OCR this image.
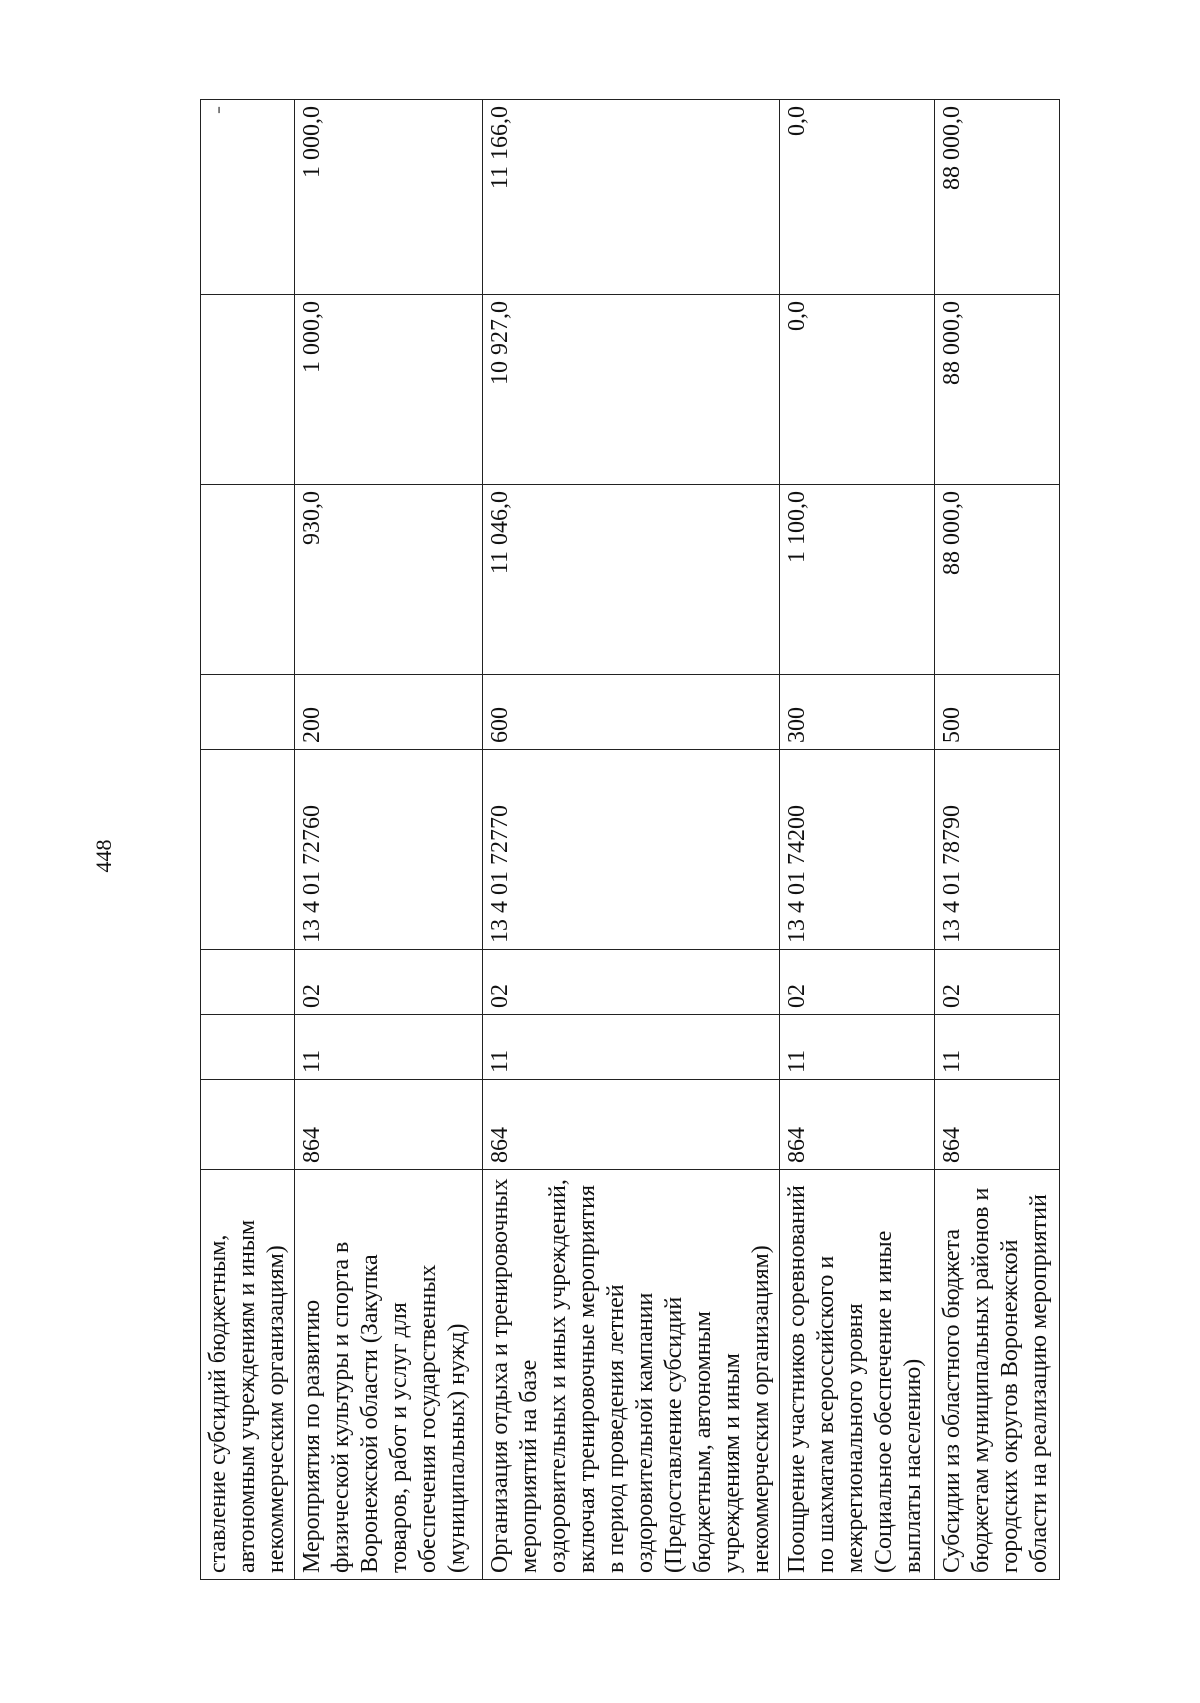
448
ставление субсидий бюджетным, автономным учреждениям и иным некоммерческим организациям)								-
Мероприятия по развитию физической культуры и спорта в Воронежской области (Закупка товаров, работ и услуг для обеспечения государственных (муниципальных) нужд)	864	11	02	13 4 01 72760	200	930,0	1 000,0	1 000,0
Организация отдыха и тренировочных мероприятий на базе оздоровительных и иных учреждений, включая тренировочные мероприятия в период проведения летней оздоровительной кампании (Предоставление субсидий бюджетным, автономным учреждениям и иным некоммерческим организациям)	864	11	02	13 4 01 72770	600	11 046,0	10 927,0	11 166,0
Поощрение участников соревнований по шахматам всероссийского и межрегионального уровня (Социальное обеспечение и иные выплаты населению)	864	11	02	13 4 01 74200	300	1 100,0	0,0	0,0
Субсидии из областного бюджета бюджетам муниципальных районов и городских округов Воронежской области на реализацию мероприятий	864	11	02	13 4 01 78790	500	88 000,0	88 000,0	88 000,0
